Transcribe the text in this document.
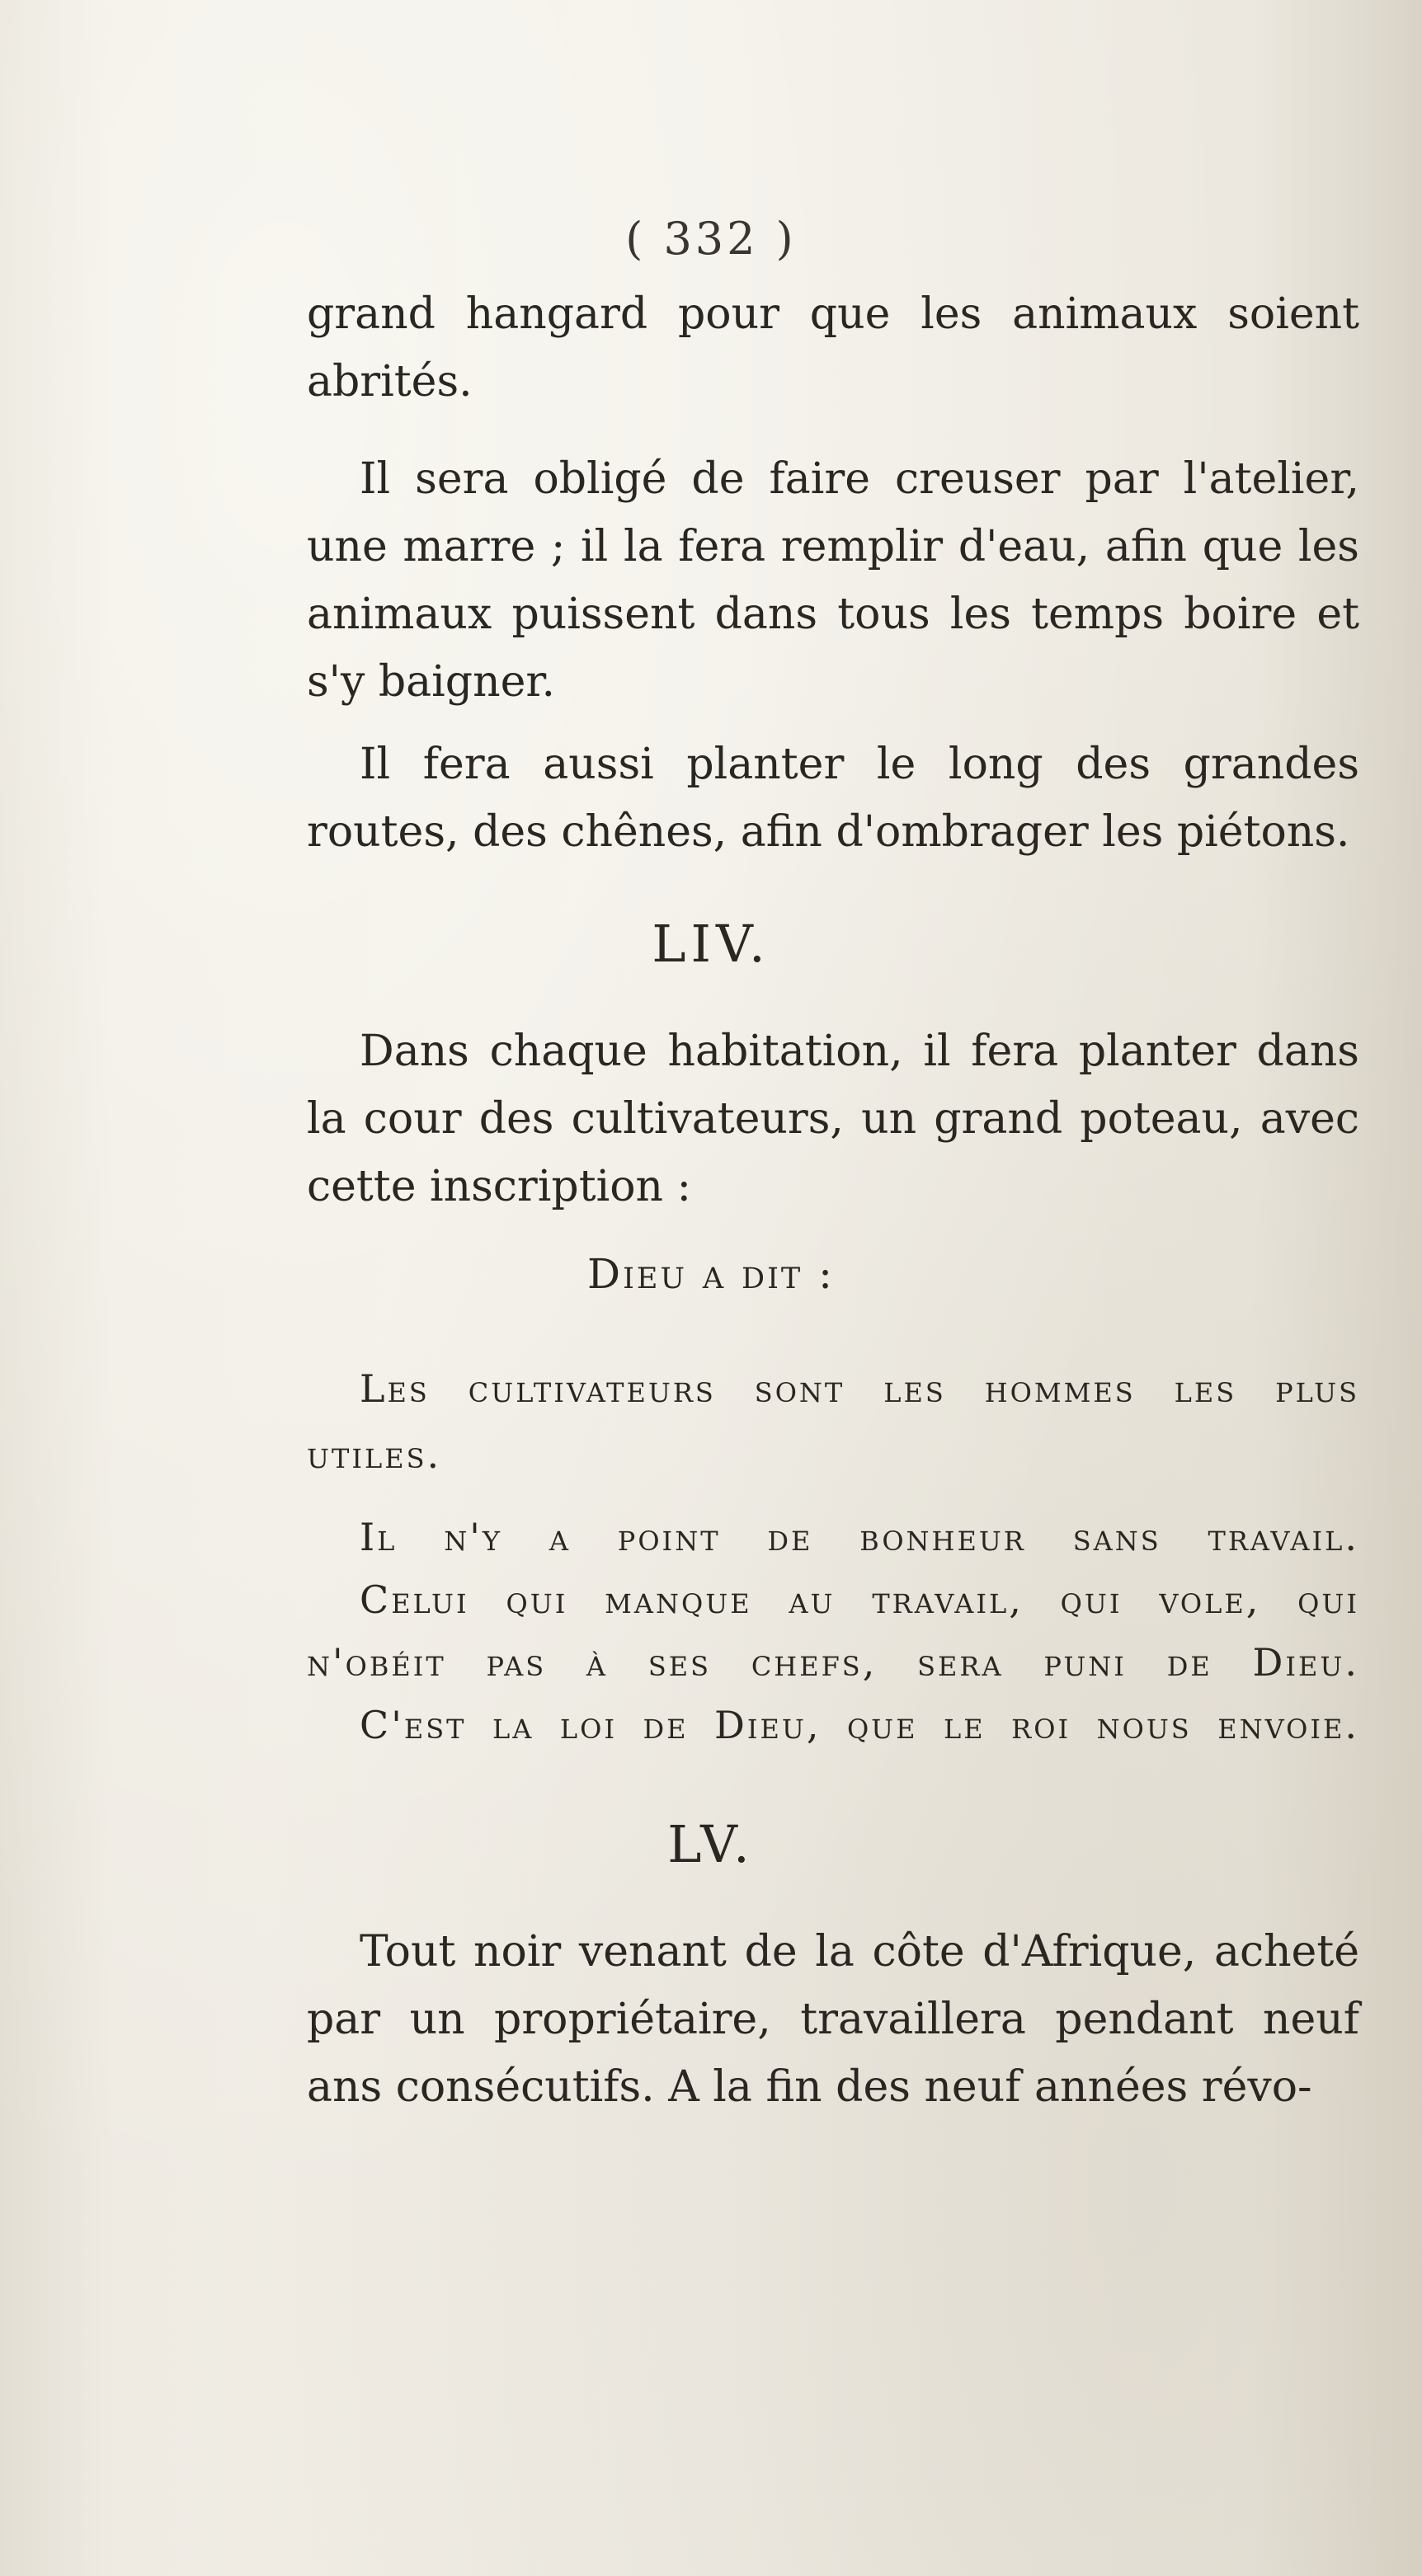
( 332 )

grand hangard pour que les animaux soient abrités.

Il sera obligé de faire creuser par l'atelier, une marre ; il la fera remplir d'eau, afin que les animaux puissent dans tous les temps boire et s'y baigner.

Il fera aussi planter le long des grandes routes, des chênes, afin d'ombrager les piétons.

LIV.

Dans chaque habitation, il fera planter dans la cour des cultivateurs, un grand poteau, avec cette inscription :

Dieu a dit :
Les cultivateurs sont les hommes les plus
utiles.
Il n'y a point de bonheur sans travail.
Celui qui manque au travail, qui vole, qui
n'obéit pas à ses chefs, sera puni de Dieu.
C'est la loi de Dieu, que le roi nous envoie.
LV.

Tout noir venant de la côte d'Afrique, acheté par un propriétaire, travaillera pendant neuf ans consécutifs. A la fin des neuf années révo-
